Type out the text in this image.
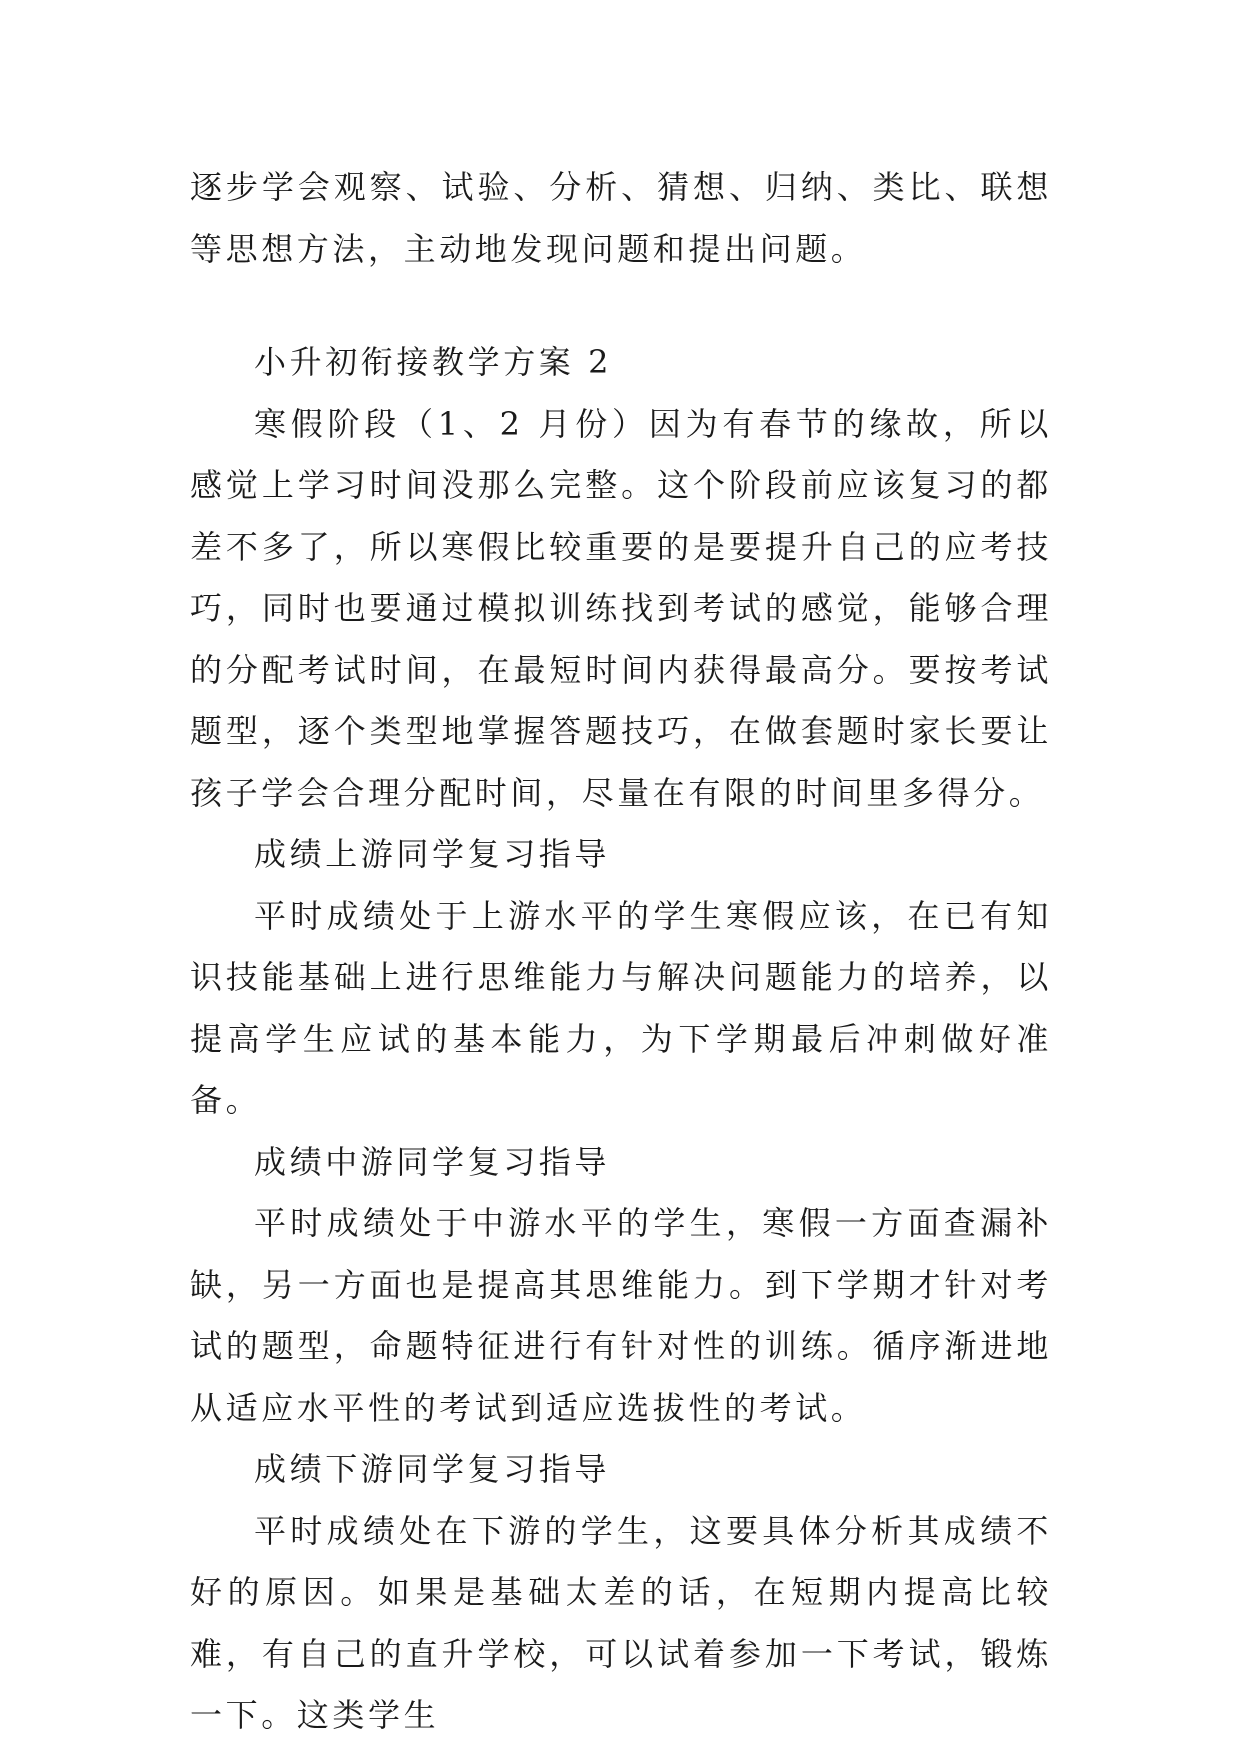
逐步学会观察、试验、分析、猜想、归纳、类比、联想等思想方法，主动地发现问题和提出问题。

小升初衔接教学方案 2

寒假阶段（1、2 月份）因为有春节的缘故，所以感觉上学习时间没那么完整。这个阶段前应该复习的都差不多了，所以寒假比较重要的是要提升自己的应考技巧，同时也要通过模拟训练找到考试的感觉，能够合理的分配考试时间，在最短时间内获得最高分。要按考试题型，逐个类型地掌握答题技巧，在做套题时家长要让孩子学会合理分配时间，尽量在有限的时间里多得分。

成绩上游同学复习指导

平时成绩处于上游水平的学生寒假应该，在已有知识技能基础上进行思维能力与解决问题能力的培养，以提高学生应试的基本能力，为下学期最后冲刺做好准备。

成绩中游同学复习指导

平时成绩处于中游水平的学生，寒假一方面查漏补缺，另一方面也是提高其思维能力。到下学期才针对考试的题型，命题特征进行有针对性的训练。循序渐进地从适应水平性的考试到适应选拔性的考试。

成绩下游同学复习指导

平时成绩处在下游的学生，这要具体分析其成绩不好的原因。如果是基础太差的话，在短期内提高比较难，有自己的直升学校，可以试着参加一下考试，锻炼一下。这类学生
